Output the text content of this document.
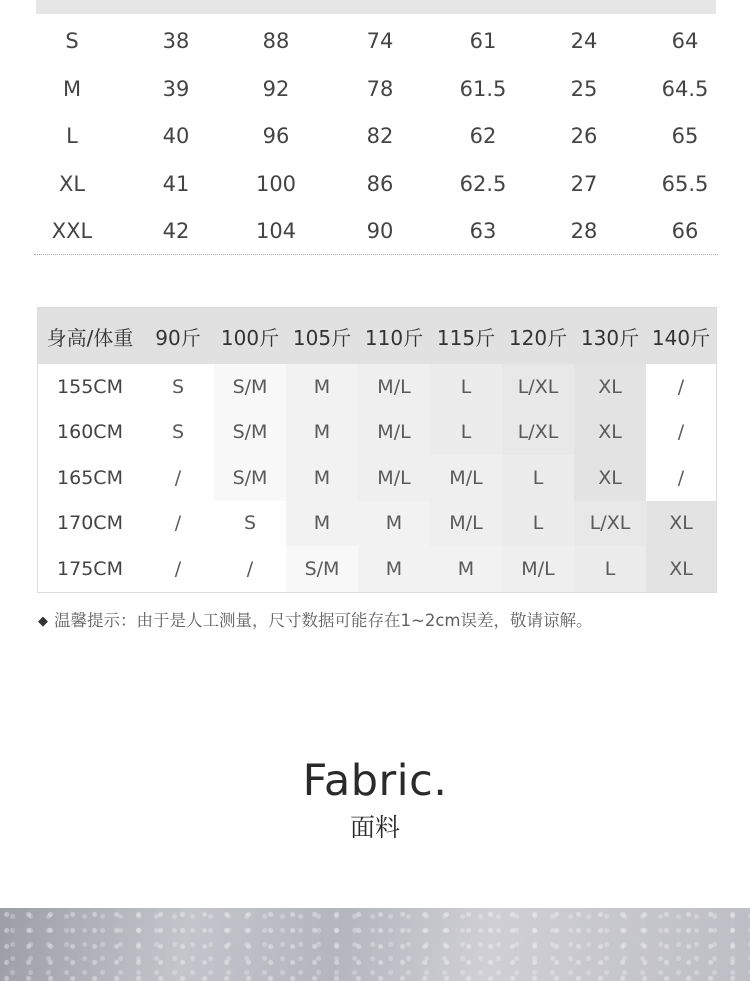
S	38	88	74	61	24	64
M	39	92	78	61.5	25	64.5
L	40	96	82	62	26	65
XL	41	100	86	62.5	27	65.5
XXL	42	104	90	63	28	66
身高/体重	90斤	100斤 105斤 110斤 115斤 120斤 130斤 140斤
155CM	S	S/M	M	M/L	L	L/XL	XL	/
160CM	S	S/M	M	M/L	L	L/XL	XL	/
165CM	/	S/M	M	M/L	M/L	L	XL	/
170CM	/	S	M	M	M/L	L	L/XL	XL
175CM	/	/	S/M	M	M	M/L	L	XL
◆ 温馨提示：由于是人工测量，尺寸数据可能存在1~2cm误差，敬请谅解。
Fabric.
面料
